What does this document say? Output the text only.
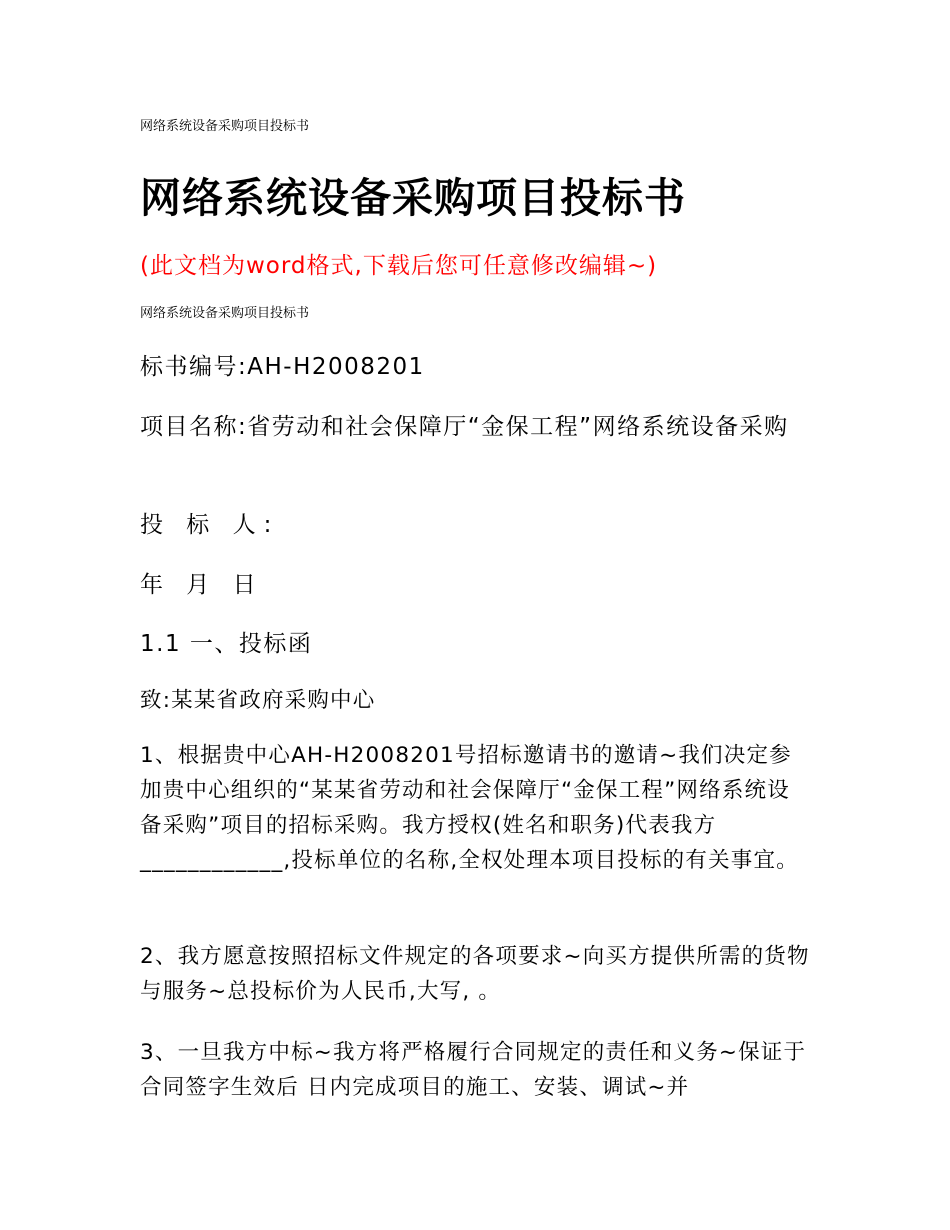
网络系统设备采购项目投标书
网络系统设备采购项目投标书
(此文档为word格式,下载后您可任意修改编辑~)
网络系统设备采购项目投标书
标书编号:AH-H2008201
项目名称:省劳动和社会保障厅“金保工程”网络系统设备采购
投 标 人:
年 月 日
1.1 一、投标函
致:某某省政府采购中心
1、根据贵中心AH-H2008201号招标邀请书的邀请~我们决定参加贵中心组织的“某某省劳动和社会保障厅“金保工程”网络系统设备采购”项目的招标采购。我方授权(姓名和职务)代表我方____________,投标单位的名称,全权处理本项目投标的有关事宜。
2、我方愿意按照招标文件规定的各项要求~向买方提供所需的货物与服务~总投标价为人民币,大写, 。
3、一旦我方中标~我方将严格履行合同规定的责任和义务~保证于合同签字生效后 日内完成项目的施工、安装、调试~并
